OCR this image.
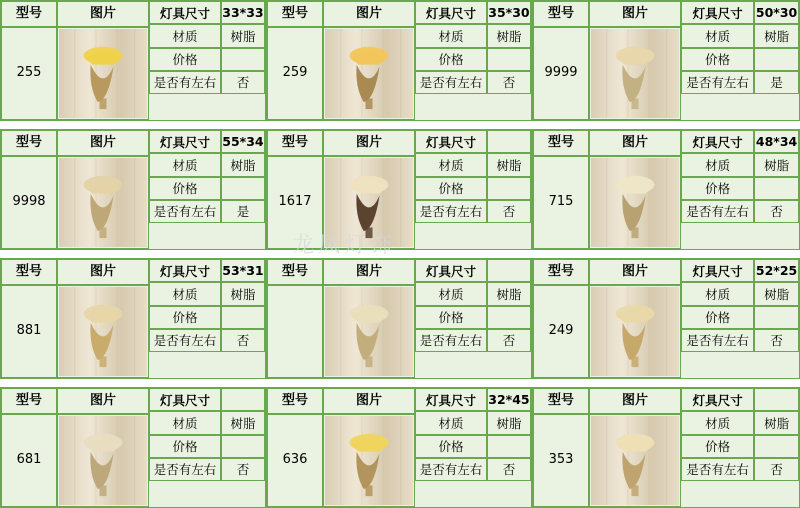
型号
255
图片	灯具尺寸 33*33
材质	树脂
价格
是否有左右	否
型号
259
图片	灯具尺寸 35*30
材质	树脂
价格
是否有左右	否
型号
9999
图片	灯具尺寸	50*30
材质	树脂
价格
是否有左右	是
型号
9998
图片	灯具尺寸 55*34
材质	树脂
价格
是否有左右	是
型号
1617
图片	灯具尺寸
材质	树脂
价格
是否有左右	否
型号
715
图片	灯具尺寸	48*34
材质	树脂
价格
是否有左右	否
型号
881
图片	灯具尺寸 53*31
材质	树脂
价格
是否有左右	否
型号	图片	灯具尺寸
材质	树脂
价格
是否有左右	否
型号
249
图片	灯具尺寸	52*25
材质	树脂
价格
是否有左右	否
型号
681
图片	灯具尺寸
材质	树脂
价格
是否有左右	否
型号
636
图片	灯具尺寸 32*45
材质	树脂
价格
是否有左右	否
型号
353
图片	灯具尺寸
材质	树脂
价格
是否有左右	否
龙凤灯饰
